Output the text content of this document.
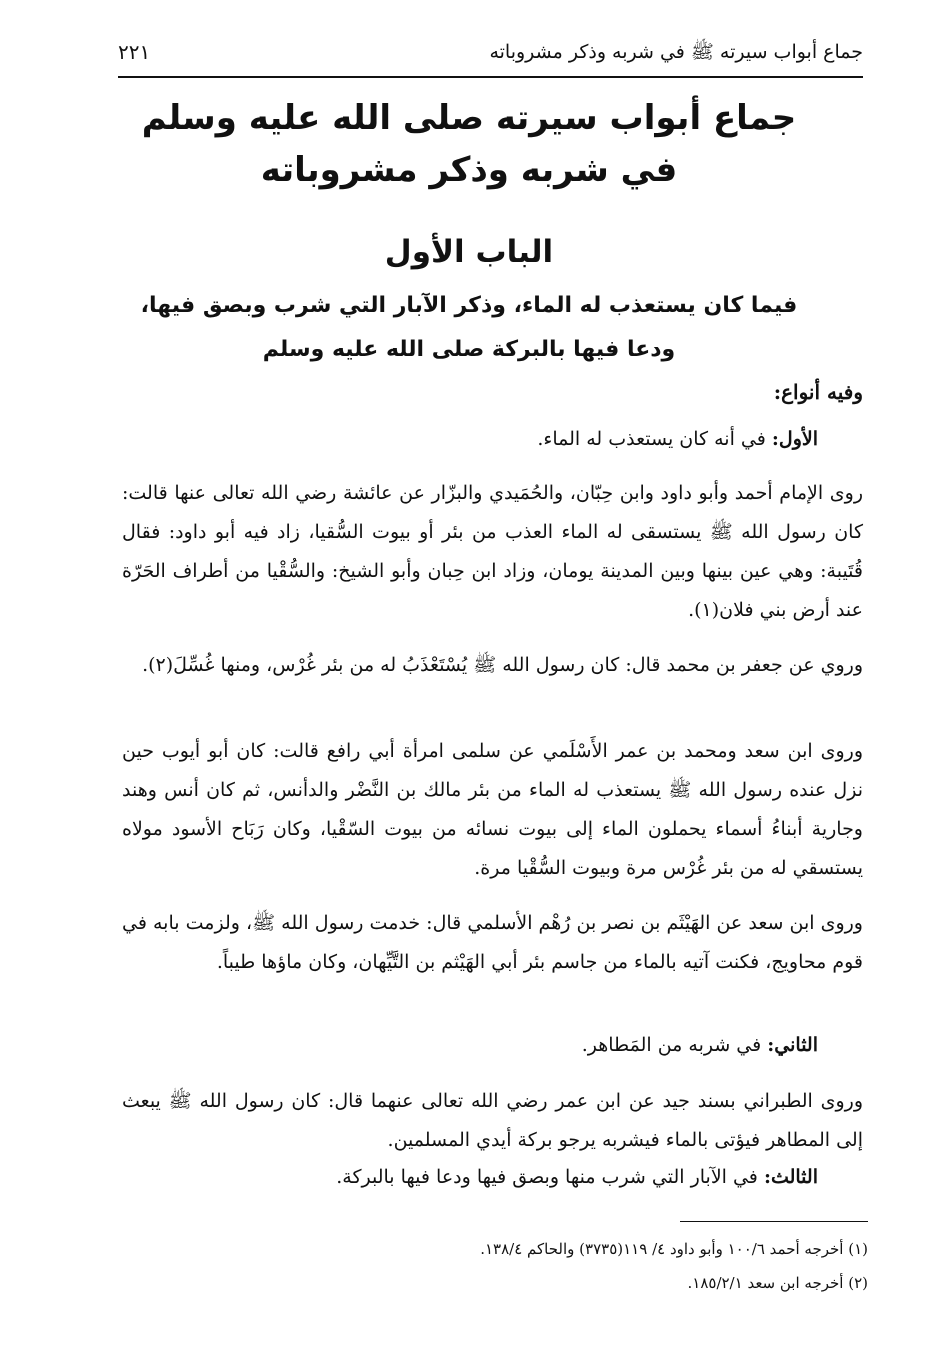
جماع أبواب سيرته ﷺ في شربه وذكر مشروباته
٢٢١
جماع أبواب سيرته صلى الله عليه وسلم
في شربه وذكر مشروباته
الباب الأول
فيما كان يستعذب له الماء، وذكر الآبار التي شرب وبصق فيها،
ودعا فيها بالبركة صلى الله عليه وسلم
وفيه أنواع:
الأول: في أنه كان يستعذب له الماء.

روى الإمام أحمد وأبو داود وابن حِبّان، والحُمَيدي والبزّار عن عائشة رضي الله تعالى عنها قالت: كان رسول الله ﷺ يستسقى له الماء العذب من بئر أو بيوت السُّقيا، زاد فيه أبو داود: فقال قُتَيبة: وهي عين بينها وبين المدينة يومان، وزاد ابن حِبان وأبو الشيخ: والسُّقْيا من أطراف الحَرّة عند أرض بني فلان(١).

وروي عن جعفر بن محمد قال: كان رسول الله ﷺ يُسْتَعْذَبُ له من بئر غُرْس، ومنها غُسِّلَ(٢).

وروى ابن سعد ومحمد بن عمر الأَسْلَمي عن سلمى امرأة أبي رافع قالت: كان أبو أيوب حين نزل عنده رسول الله ﷺ يستعذب له الماء من بئر مالك بن النَّضْر والدأنس، ثم كان أنس وهند وجارية أبناءُ أسماء يحملون الماء إلى بيوت نسائه من بيوت السّقْيا، وكان رَبَاح الأسود مولاه يستسقي له من بئر غُرْس مرة وبيوت السُّقْيا مرة.

وروى ابن سعد عن الهَيْثَم بن نصر بن رُهْم الأسلمي قال: خدمت رسول الله ﷺ، ولزمت بابه في قوم محاويج، فكنت آتيه بالماء من جاسم بئر أبي الهَيْثم بن التَّيِّهان، وكان ماؤها طيباً.

الثاني: في شربه من المَطاهر.

وروى الطبراني بسند جيد عن ابن عمر رضي الله تعالى عنهما قال: كان رسول الله ﷺ يبعث إلى المطاهر فيؤتى بالماء فيشربه يرجو بركة أيدي المسلمين.

الثالث: في الآبار التي شرب منها وبصق فيها ودعا فيها بالبركة.
(١) أخرجه أحمد ١٠٠/٦ وأبو داود ٤/ ١١٩(٣٧٣٥) والحاكم ١٣٨/٤.
(٢) أخرجه ابن سعد ١٨٥/٢/١.
